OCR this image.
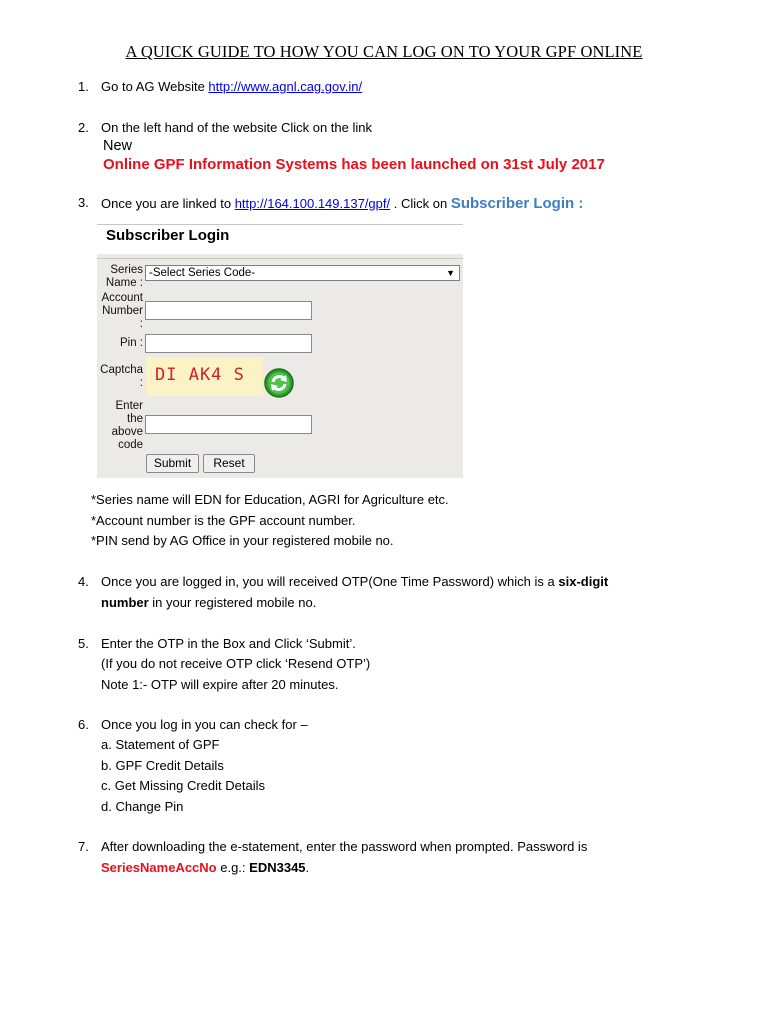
A QUICK GUIDE TO HOW YOU CAN LOG ON TO YOUR GPF ONLINE
1. Go to AG Website http://www.agnl.cag.gov.in/
2. On the left hand of the website Click on the link
New
Online GPF Information Systems has been launched on 31st July 2017
3. Once you are linked to http://164.100.149.137/gpf/ . Click on Subscriber Login :
Subscriber Login
Series
Name :
-Select Series Code-	▼
Account
Number
:
Pin :
Captcha : DI AK4 S
Enter
the
above
code
Submit	Reset
*Series name will EDN for Education, AGRI for Agriculture etc.
*Account number is the GPF account number.
*PIN send by AG Office in your registered mobile no.
4. Once you are logged in, you will received OTP(One Time Password) which is a six-digit
number in your registered mobile no.
5. Enter the OTP in the Box and Click ‘Submit’.
(If you do not receive OTP click ‘Resend OTP’)
Note 1:- OTP will expire after 20 minutes.
6. Once you log in you can check for –
a. Statement of GPF
b. GPF Credit Details
c. Get Missing Credit Details
d. Change Pin
7. After downloading the e-statement, enter the password when prompted. Password is
SeriesNameAccNo e.g.: EDN3345.
